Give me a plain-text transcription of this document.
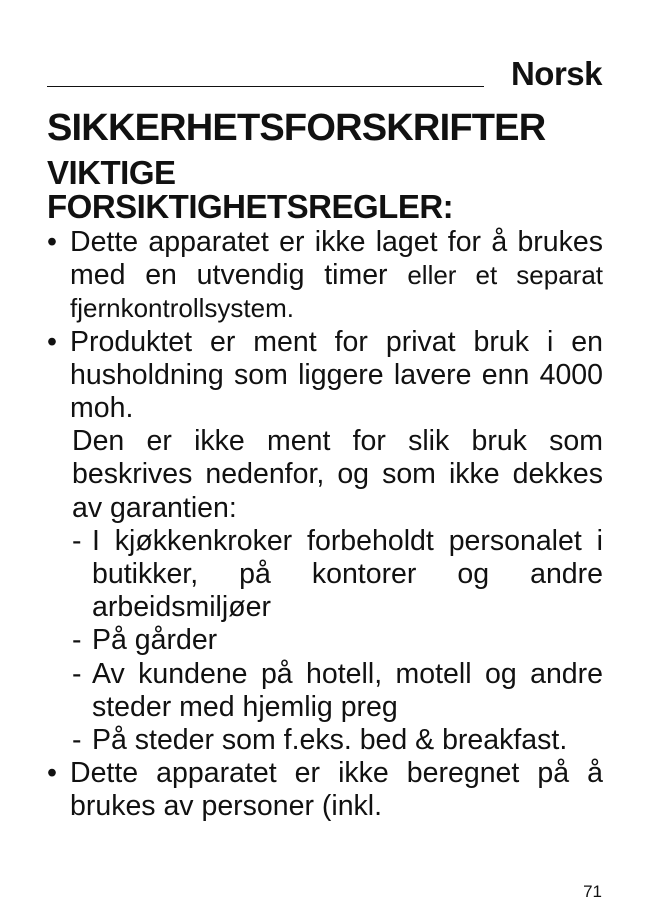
Norsk
SIKKERHETSFORSKRIFTER
VIKTIGE
FORSIKTIGHETSREGLER:
• Dette apparatet er ikke laget for å brukes med en utvendig timer eller et separat fjernkontrollsystem.
• Produktet er ment for privat bruk i en husholdning som liggere lavere enn 4000 moh.
Den er ikke ment for slik bruk som beskrives nedenfor, og som ikke dekkes av garantien:
- I kjøkkenkroker forbeholdt personalet i butikker, på kontorer og andre arbeidsmiljøer
- På gårder
- Av kundene på hotell, motell og andre steder med hjemlig preg
- På steder som f.eks. bed & breakfast.
• Dette apparatet er ikke beregnet på å brukes av personer (inkl.
71
